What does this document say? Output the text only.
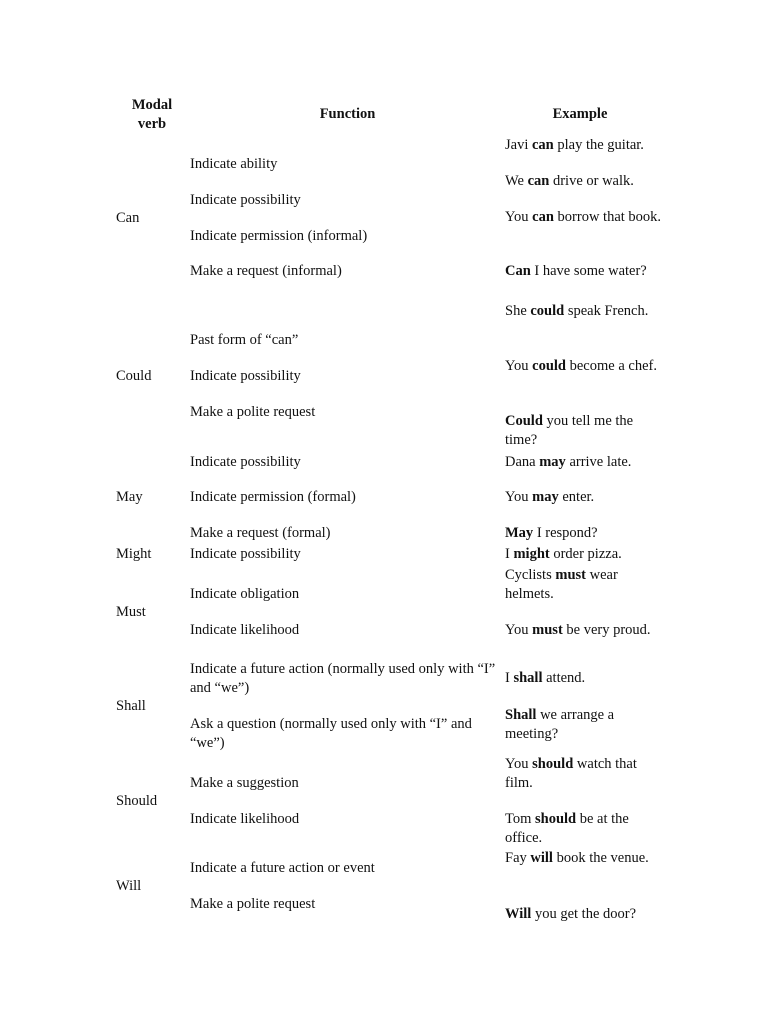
Modal verb
Function	Example
Can
Could
May
Might
Must
Shall
Should
Will
Indicate ability
Indicate possibility
Indicate permission (informal)
Make a request (informal)
Past form of “can”
Indicate possibility
Make a polite request
Indicate possibility
Indicate permission (formal)
Make a request (formal)
Indicate possibility
Indicate obligation
Indicate likelihood
Indicate a future action (normally used only with “I” and “we”)
Ask a question (normally used only with “I” and “we”)
Make a suggestion
Indicate likelihood
Indicate a future action or event
Make a polite request
Javi can play the guitar.
We can drive or walk.
You can borrow that book.
Can I have some water?
She could speak French.
You could become a chef.
Could you tell me the time?
Dana may arrive late.
You may enter.
May I respond?
I might order pizza.
Cyclists must wear helmets.
You must be very proud.
I shall attend.
Shall we arrange a meeting?
You should watch that film.
Tom should be at the office.
Fay will book the venue.
Will you get the door?
